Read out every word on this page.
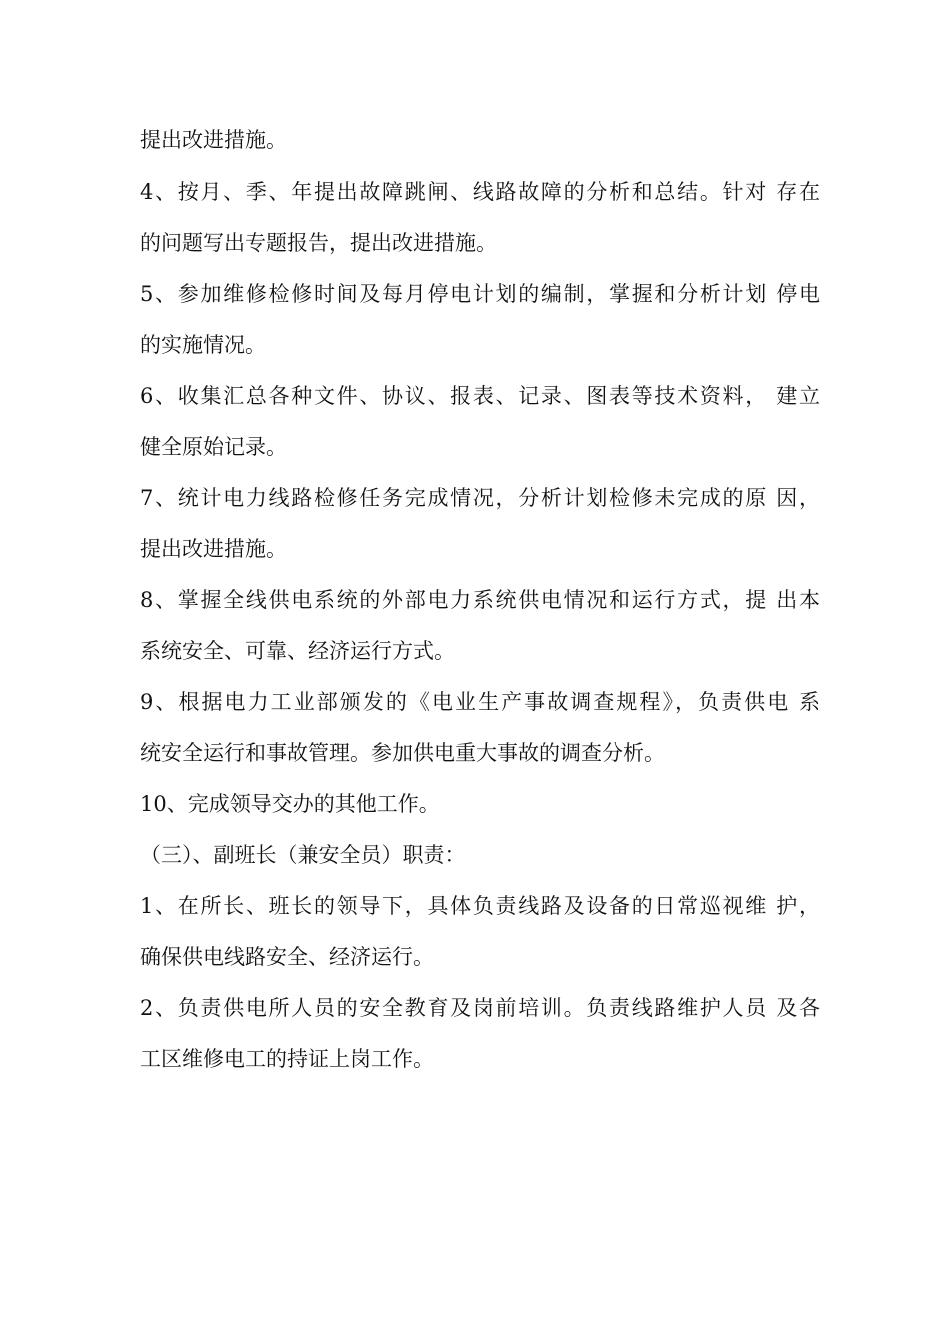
提出改进措施。
4、按月、季、年提出故障跳闸、线路故障的分析和总结。针对 存在
的问题写出专题报告，提出改进措施。
5、参加维修检修时间及每月停电计划的编制，掌握和分析计划 停电
的实施情况。
6、收集汇总各种文件、协议、报表、记录、图表等技术资料， 建立
健全原始记录。
7、统计电力线路检修任务完成情况，分析计划检修未完成的原 因，
提出改进措施。
8、掌握全线供电系统的外部电力系统供电情况和运行方式，提 出本
系统安全、可靠、经济运行方式。
9、根据电力工业部颁发的《电业生产事故调查规程》，负责供电 系
统安全运行和事故管理。参加供电重大事故的调查分析。
10、完成领导交办的其他工作。
（三）、副班长（兼安全员）职责：
1、在所长、班长的领导下，具体负责线路及设备的日常巡视维 护，
确保供电线路安全、经济运行。
2、负责供电所人员的安全教育及岗前培训。负责线路维护人员 及各
工区维修电工的持证上岗工作。
